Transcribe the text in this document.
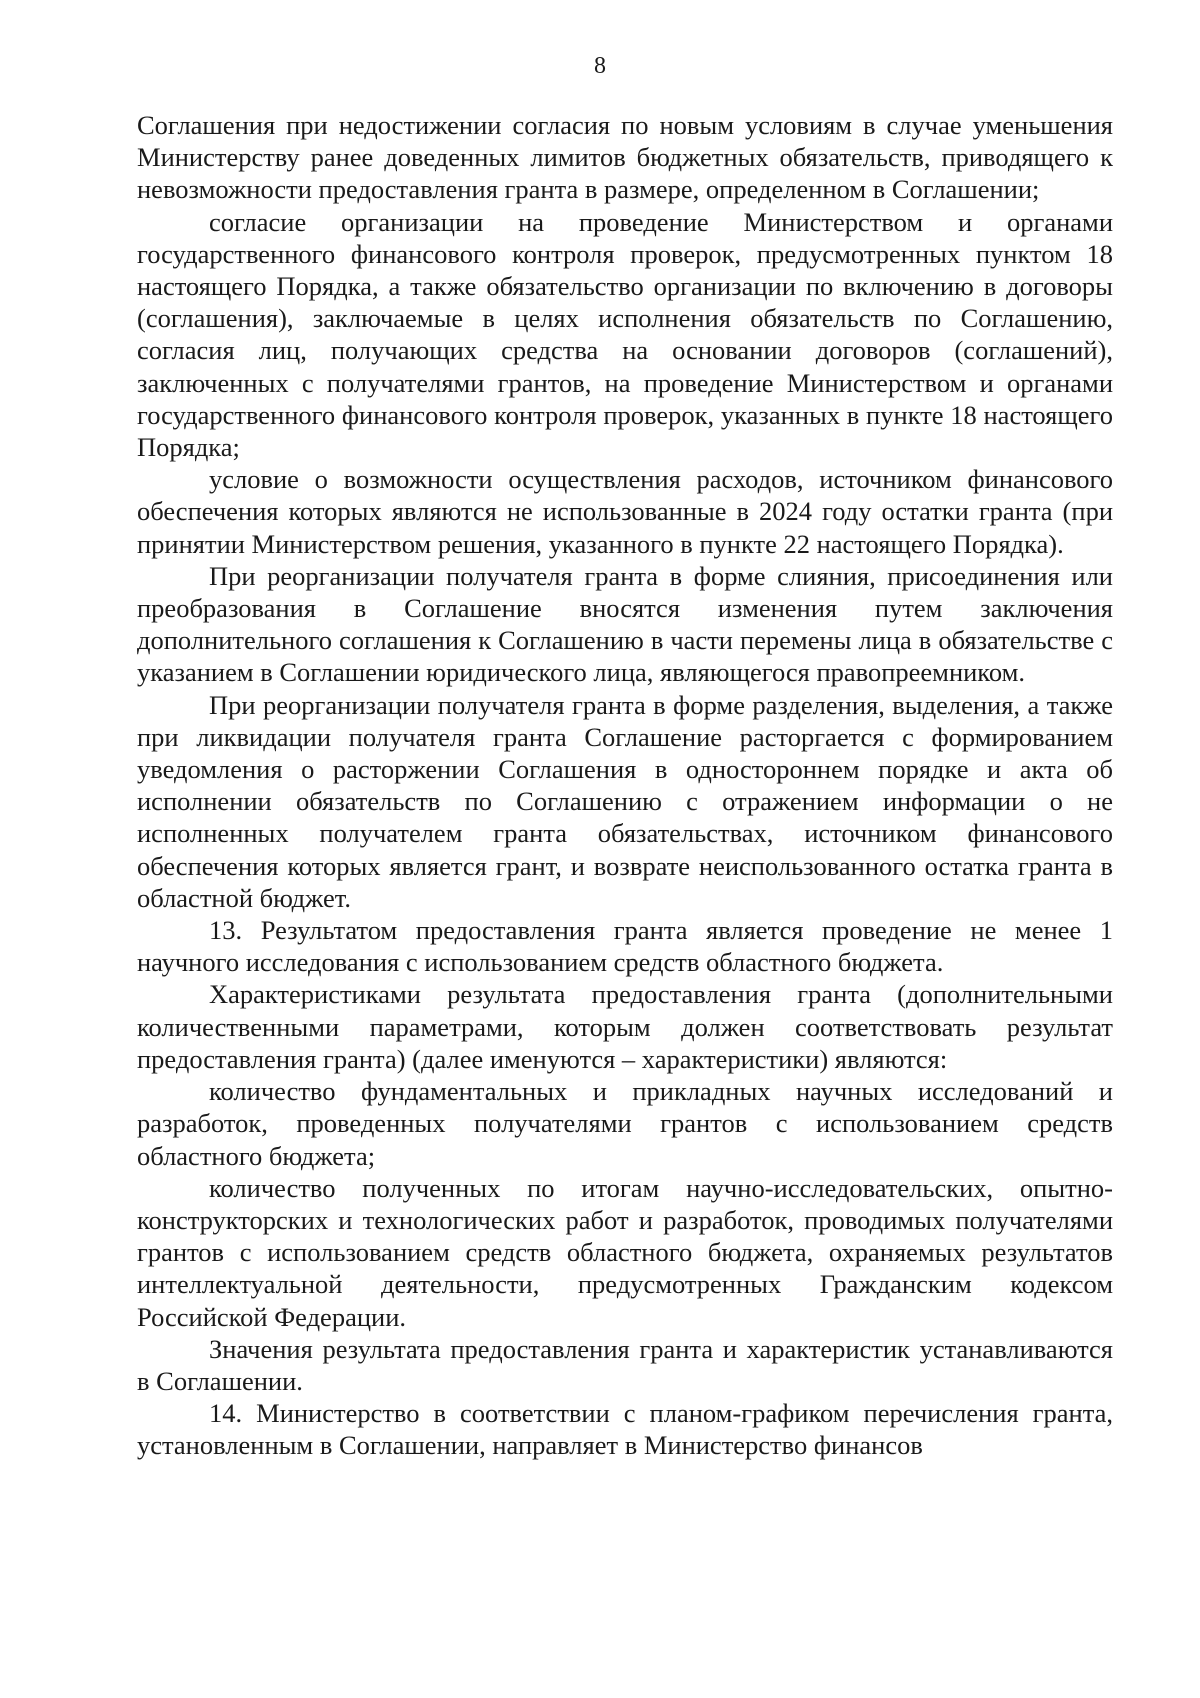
8

Соглашения при недостижении согласия по новым условиям в случае уменьшения Министерству ранее доведенных лимитов бюджетных обязательств, приводящего к невозможности предоставления гранта в размере, определенном в Соглашении;

согласие организации на проведение Министерством и органами государственного финансового контроля проверок, предусмотренных пунктом 18 настоящего Порядка, а также обязательство организации по включению в договоры (соглашения), заключаемые в целях исполнения обязательств по Соглашению, согласия лиц, получающих средства на основании договоров (соглашений), заключенных с получателями грантов, на проведение Министерством и органами государственного финансового контроля проверок, указанных в пункте 18 настоящего Порядка;

условие о возможности осуществления расходов, источником финансового обеспечения которых являются не использованные в 2024 году остатки гранта (при принятии Министерством решения, указанного в пункте 22 настоящего Порядка).

При реорганизации получателя гранта в форме слияния, присоединения или преобразования в Соглашение вносятся изменения путем заключения дополнительного соглашения к Соглашению в части перемены лица в обязательстве с указанием в Соглашении юридического лица, являющегося правопреемником.

При реорганизации получателя гранта в форме разделения, выделения, а также при ликвидации получателя гранта Соглашение расторгается с формированием уведомления о расторжении Соглашения в одностороннем порядке и акта об исполнении обязательств по Соглашению с отражением информации о не исполненных получателем гранта обязательствах, источником финансового обеспечения которых является грант, и возврате неиспользованного остатка гранта в областной бюджет.

13. Результатом предоставления гранта является проведение не менее 1 научного исследования с использованием средств областного бюджета.

Характеристиками результата предоставления гранта (дополнительными количественными параметрами, которым должен соответствовать результат предоставления гранта) (далее именуются – характеристики) являются:

количество фундаментальных и прикладных научных исследований и разработок, проведенных получателями грантов с использованием средств областного бюджета;

количество полученных по итогам научно-исследовательских, опытно-конструкторских и технологических работ и разработок, проводимых получателями грантов с использованием средств областного бюджета, охраняемых результатов интеллектуальной деятельности, предусмотренных Гражданским кодексом Российской Федерации.

Значения результата предоставления гранта и характеристик устанавливаются в Соглашении.

14. Министерство в соответствии с планом-графиком перечисления гранта, установленным в Соглашении, направляет в Министерство финансов
